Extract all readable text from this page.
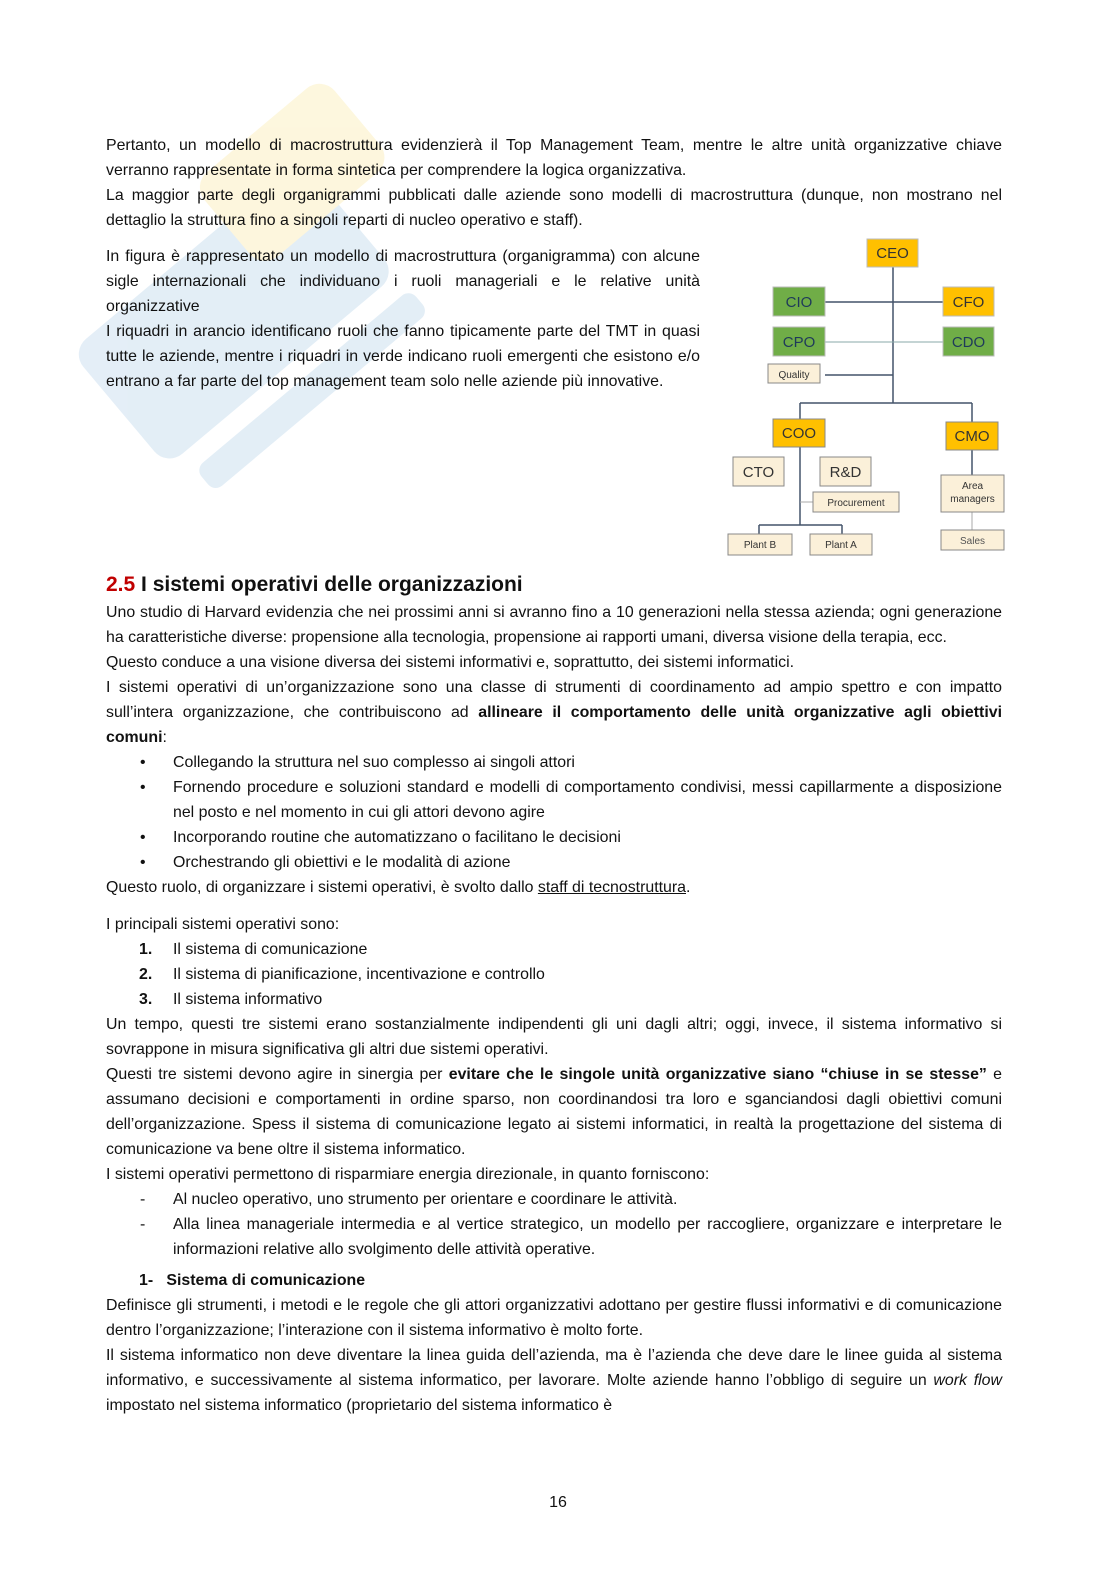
Pertanto, un modello di macrostruttura evidenzierà il Top Management Team, mentre le altre unità organizzative chiave verranno rappresentate in forma sintetica per comprendere la logica organizzativa.

La maggior parte degli organigrammi pubblicati dalle aziende sono modelli di macrostruttura (dunque, non mostrano nel dettaglio la struttura fino a singoli reparti di nucleo operativo e staff).

In figura è rappresentato un modello di macrostruttura (organigramma) con alcune sigle internazionali che individuano i ruoli manageriali e le relative unità organizzative

I riquadri in arancio identificano ruoli che fanno tipicamente parte del TMT in quasi tutte le aziende, mentre i riquadri in verde indicano ruoli emergenti che esistono e/o entrano a far parte del top management team solo nelle aziende più innovative.

CEO
CIO	CFO
CPO	CDO
Quality
COO	CMO
CTO	R&D
Procurement
Area
managers
Sales
Plant B	Plant A
2.5 I sistemi operativi delle organizzazioni

Uno studio di Harvard evidenzia che nei prossimi anni si avranno fino a 10 generazioni nella stessa azienda; ogni generazione ha caratteristiche diverse: propensione alla tecnologia, propensione ai rapporti umani, diversa visione della terapia, ecc.

Questo conduce a una visione diversa dei sistemi informativi e, soprattutto, dei sistemi informatici.

I sistemi operativi di un’organizzazione sono una classe di strumenti di coordinamento ad ampio spettro e con impatto sull’intera organizzazione, che contribuiscono ad allineare il comportamento delle unità organizzative agli obiettivi comuni:

• Collegando la struttura nel suo complesso ai singoli attori
• Fornendo procedure e soluzioni standard e modelli di comportamento condivisi, messi capillarmente a disposizione nel posto e nel momento in cui gli attori devono agire
• Incorporando routine che automatizzano o facilitano le decisioni
• Orchestrando gli obiettivi e le modalità di azione

Questo ruolo, di organizzare i sistemi operativi, è svolto dallo staff di tecnostruttura.

I principali sistemi operativi sono:

1. Il sistema di comunicazione
2. Il sistema di pianificazione, incentivazione e controllo
3. Il sistema informativo

Un tempo, questi tre sistemi erano sostanzialmente indipendenti gli uni dagli altri; oggi, invece, il sistema informativo si sovrappone in misura significativa gli altri due sistemi operativi.

Questi tre sistemi devono agire in sinergia per evitare che le singole unità organizzative siano “chiuse in se stesse” e assumano decisioni e comportamenti in ordine sparso, non coordinandosi tra loro e sganciandosi dagli obiettivi comuni dell’organizzazione. Spess il sistema di comunicazione legato ai sistemi informatici, in realtà la progettazione del sistema di comunicazione va bene oltre il sistema informatico.

I sistemi operativi permettono di risparmiare energia direzionale, in quanto forniscono:

- Al nucleo operativo, uno strumento per orientare e coordinare le attività.
- Alla linea manageriale intermedia e al vertice strategico, un modello per raccogliere, organizzare e interpretare le informazioni relative allo svolgimento delle attività operative.

1- Sistema di comunicazione

Definisce gli strumenti, i metodi e le regole che gli attori organizzativi adottano per gestire flussi informativi e di comunicazione dentro l’organizzazione; l’interazione con il sistema informativo è molto forte.

Il sistema informatico non deve diventare la linea guida dell’azienda, ma è l’azienda che deve dare le linee guida al sistema informativo, e successivamente al sistema informatico, per lavorare. Molte aziende hanno l’obbligo di seguire un work flow impostato nel sistema informatico (proprietario del sistema informatico è

16
